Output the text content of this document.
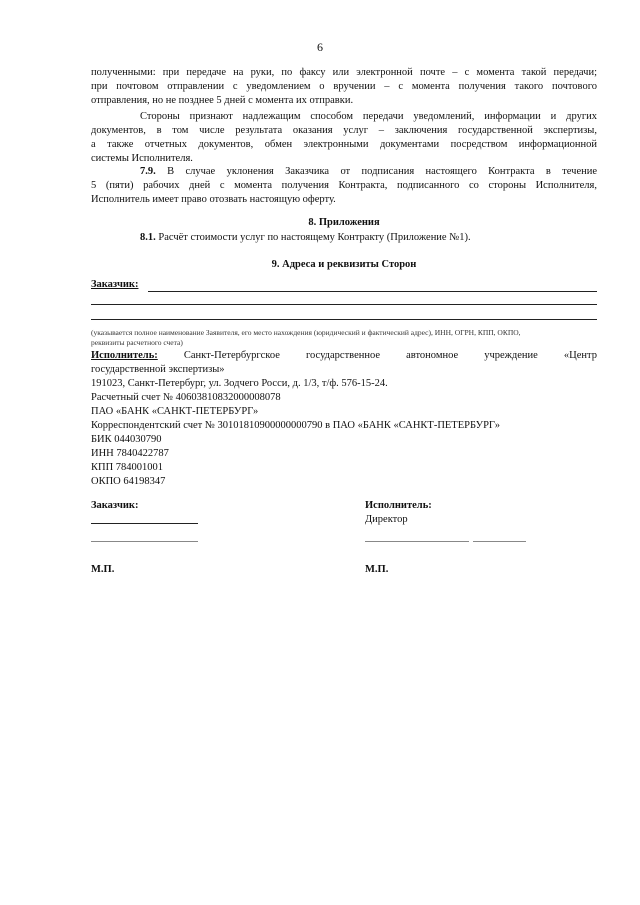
6
полученными: при передаче на руки, по факсу или электронной почте – с момента такой передачи;
при почтовом отправлении с уведомлением о вручении – с момента получения такого почтового
отправления, но не позднее 5 дней с момента их отправки.
Стороны признают надлежащим способом передачи уведомлений, информации и других
документов, в том числе результата оказания услуг – заключения государственной экспертизы,
а также отчетных документов, обмен электронными документами посредством информационной
системы Исполнителя.
7.9. В случае уклонения Заказчика от подписания настоящего Контракта в течение
5 (пяти) рабочих дней с момента получения Контракта, подписанного со стороны Исполнителя,
Исполнитель имеет право отозвать настоящую оферту.
8. Приложения
8.1. Расчёт стоимости услуг по настоящему Контракту (Приложение №1).
9. Адреса и реквизиты Сторон
Заказчик:
(указывается полное наименование Заявителя, его место нахождения (юридический и фактический адрес), ИНН, ОГРН, КПП, ОКПО,
реквизиты расчетного счета)
Исполнитель: Санкт-Петербургское государственное автономное учреждение «Центр
государственной экспертизы»
191023, Санкт-Петербург, ул. Зодчего Росси, д. 1/3, т/ф. 576-15-24.
Расчетный счет № 40603810832000008078
ПАО «БАНК «САНКТ-ПЕТЕРБУРГ»
Корреспондентский счет № 30101810900000000790 в ПАО «БАНК «САНКТ-ПЕТЕРБУРГ»
БИК 044030790
ИНН 7840422787
КПП 784001001
ОКПО 64198347
Заказчик:	Исполнитель:
Директор
М.П.	М.П.
